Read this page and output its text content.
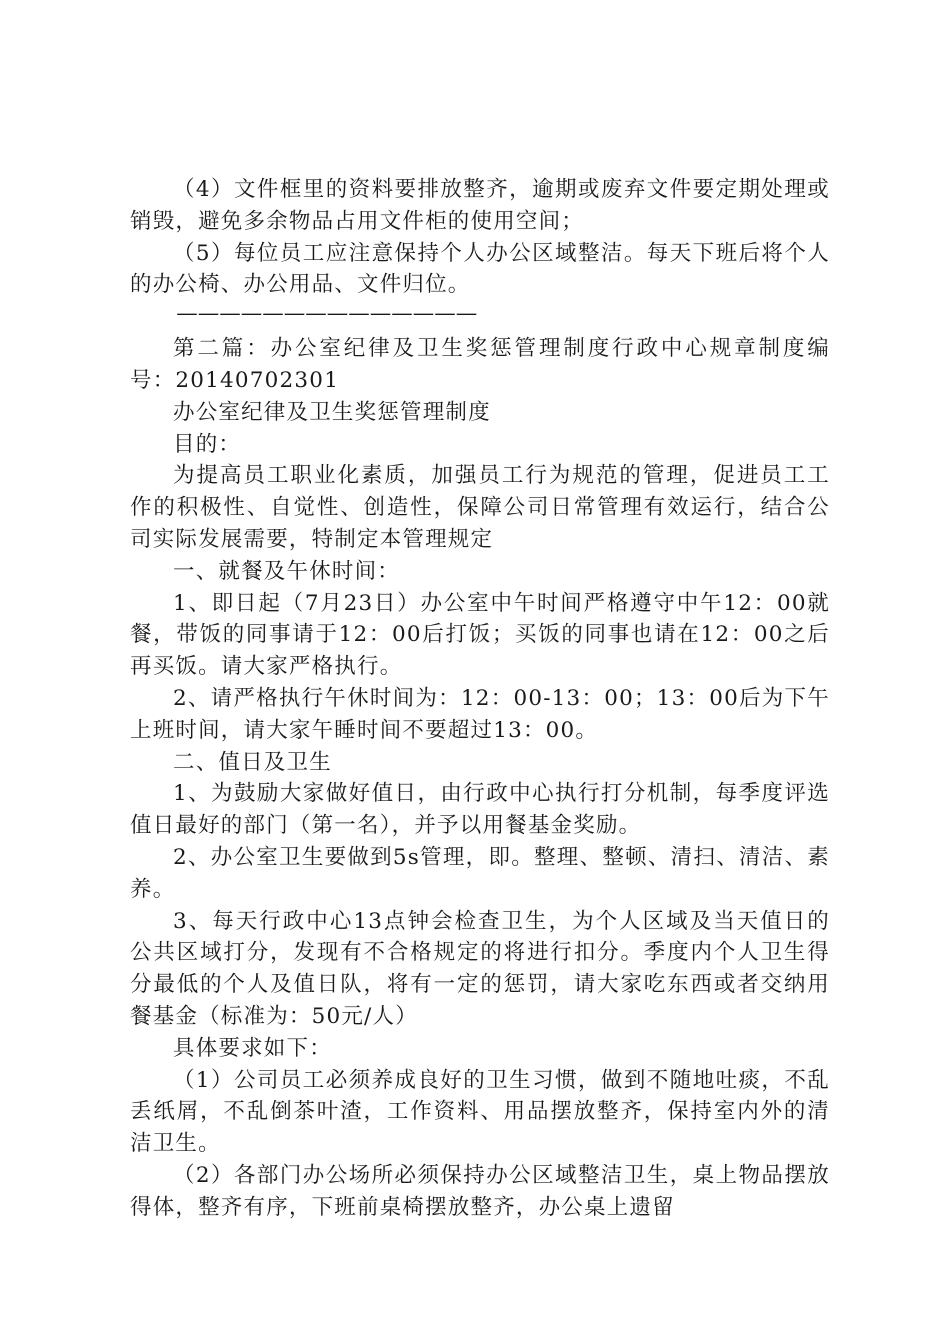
（4）文件框里的资料要排放整齐，逾期或废弃文件要定期处理或销毁，避免多余物品占用文件柜的使用空间；

（5）每位员工应注意保持个人办公区域整洁。每天下班后将个人的办公椅、办公用品、文件归位。

——————————————

第二篇：办公室纪律及卫生奖惩管理制度行政中心规章制度编号：20140702301

办公室纪律及卫生奖惩管理制度

目的：

为提高员工职业化素质，加强员工行为规范的管理，促进员工工作的积极性、自觉性、创造性，保障公司日常管理有效运行，结合公司实际发展需要，特制定本管理规定

一、就餐及午休时间：

1、即日起（7月23日）办公室中午时间严格遵守中午12：00就餐，带饭的同事请于12：00后打饭；买饭的同事也请在12：00之后再买饭。请大家严格执行。

2、请严格执行午休时间为：12：00-13：00；13：00后为下午上班时间，请大家午睡时间不要超过13：00。

二、值日及卫生

1、为鼓励大家做好值日，由行政中心执行打分机制，每季度评选值日最好的部门（第一名），并予以用餐基金奖励。

2、办公室卫生要做到5s管理，即。整理、整顿、清扫、清洁、素养。

3、每天行政中心13点钟会检查卫生，为个人区域及当天值日的公共区域打分，发现有不合格规定的将进行扣分。季度内个人卫生得分最低的个人及值日队，将有一定的惩罚，请大家吃东西或者交纳用餐基金（标准为：50元/人）

具体要求如下：

（1）公司员工必须养成良好的卫生习惯，做到不随地吐痰，不乱丢纸屑，不乱倒茶叶渣，工作资料、用品摆放整齐，保持室内外的清洁卫生。

（2）各部门办公场所必须保持办公区域整洁卫生，桌上物品摆放得体，整齐有序，下班前桌椅摆放整齐，办公桌上遗留
